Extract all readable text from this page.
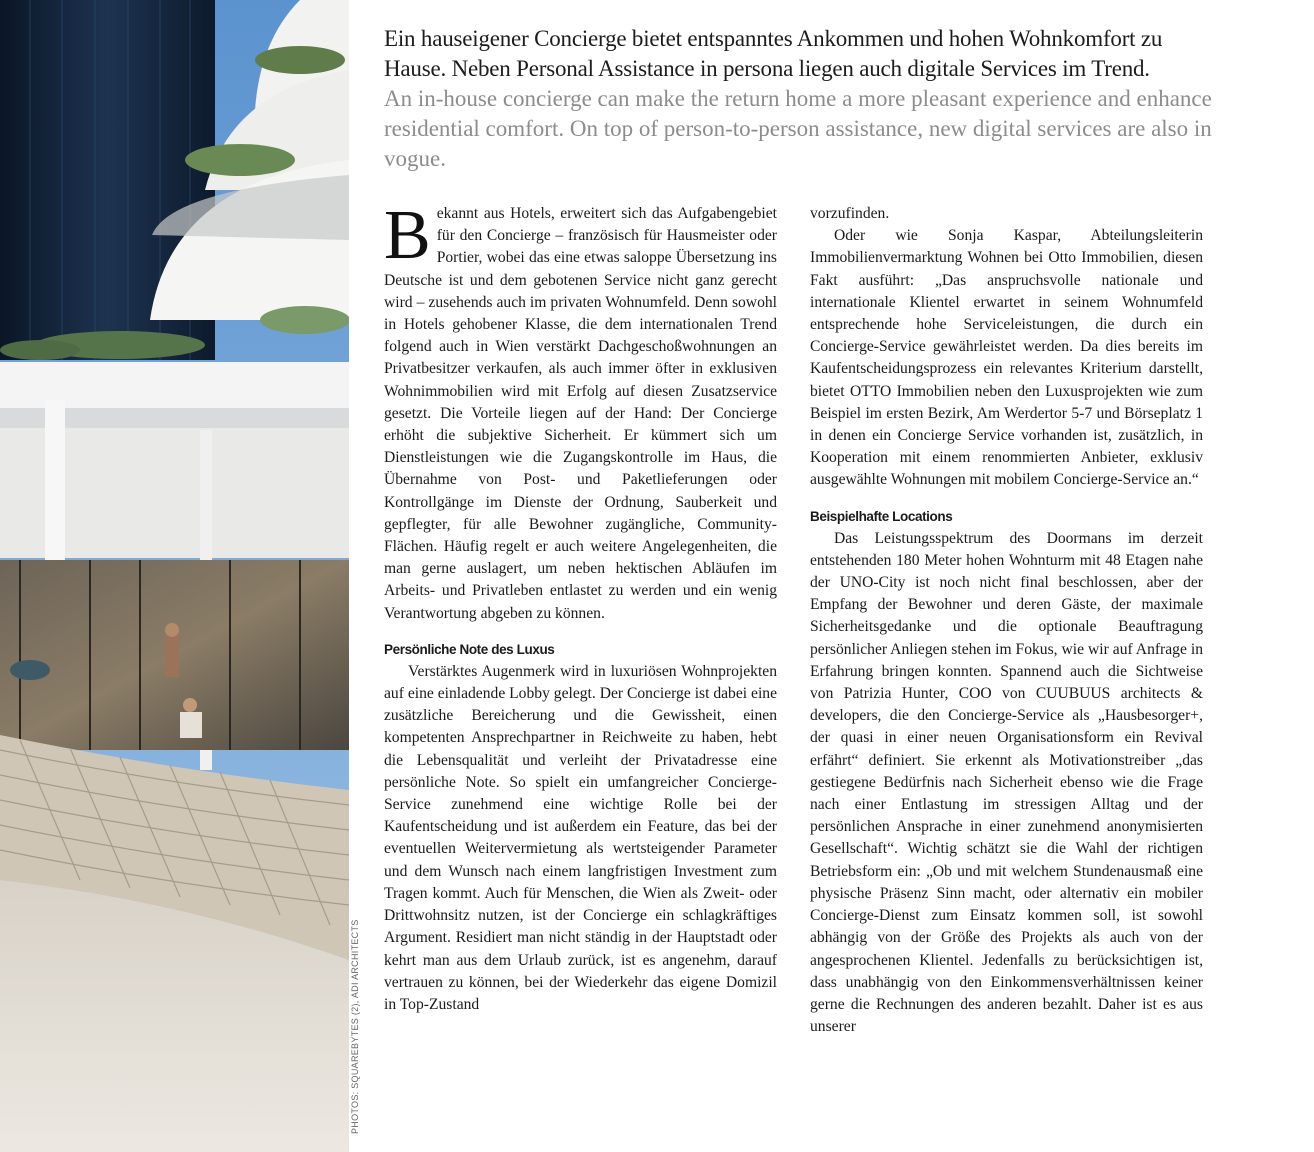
PHOTOS: SQUAREBYTES (2), ADI ARCHITECTS

Ein hauseigener Concierge bietet entspanntes Ankommen und hohen Wohnkomfort zu Hause. Neben Personal Assistance in persona liegen auch digitale Services im Trend.

An in-house concierge can make the return home a more pleasant experience and enhance residential comfort. On top of person-to-person assistance, new digital services are also in vogue.

Bekannt aus Hotels, erweitert sich das Aufgabengebiet für den Concierge – französisch für Hausmeister oder Portier, wobei das eine etwas saloppe Übersetzung ins Deutsche ist und dem gebotenen Service nicht ganz gerecht wird – zusehends auch im privaten Wohnumfeld. Denn sowohl in Hotels gehobener Klasse, die dem internationalen Trend folgend auch in Wien verstärkt Dachgeschoßwohnungen an Privatbesitzer verkaufen, als auch immer öfter in exklusiven Wohnimmobilien wird mit Erfolg auf diesen Zusatzservice gesetzt. Die Vorteile liegen auf der Hand: Der Concierge erhöht die subjektive Sicherheit. Er kümmert sich um Dienstleistungen wie die Zugangskontrolle im Haus, die Übernahme von Post- und Paketlieferungen oder Kontrollgänge im Dienste der Ordnung, Sauberkeit und gepflegter, für alle Bewohner zugängliche, Community-Flächen. Häufig regelt er auch weitere Angelegenheiten, die man gerne auslagert, um neben hektischen Abläufen im Arbeits- und Privatleben entlastet zu werden und ein wenig Verantwortung abgeben zu können.

Persönliche Note des Luxus

Verstärktes Augenmerk wird in luxuriösen Wohnprojekten auf eine einladende Lobby gelegt. Der Concierge ist dabei eine zusätzliche Bereicherung und die Gewissheit, einen kompetenten Ansprechpartner in Reichweite zu haben, hebt die Lebensqualität und verleiht der Privatadresse eine persönliche Note. So spielt ein umfangreicher Concierge-Service zunehmend eine wichtige Rolle bei der Kaufentscheidung und ist außerdem ein Feature, das bei der eventuellen Weitervermietung als wertsteigender Parameter und dem Wunsch nach einem langfristigen Investment zum Tragen kommt. Auch für Menschen, die Wien als Zweit- oder Drittwohnsitz nutzen, ist der Concierge ein schlagkräftiges Argument. Residiert man nicht ständig in der Hauptstadt oder kehrt man aus dem Urlaub zurück, ist es angenehm, darauf vertrauen zu können, bei der Wiederkehr das eigene Domizil in Top-Zustand

vorzufinden.

Oder wie Sonja Kaspar, Abteilungsleiterin Immobilienvermarktung Wohnen bei Otto Immobilien, diesen Fakt ausführt: „Das anspruchsvolle nationale und internationale Klientel erwartet in seinem Wohnumfeld entsprechende hohe Serviceleistungen, die durch ein Concierge-Service gewährleistet werden. Da dies bereits im Kaufentscheidungsprozess ein relevantes Kriterium darstellt, bietet OTTO Immobilien neben den Luxusprojekten wie zum Beispiel im ersten Bezirk, Am Werdertor 5-7 und Börseplatz 1 in denen ein Concierge Service vorhanden ist, zusätzlich, in Kooperation mit einem renommierten Anbieter, exklusiv ausgewählte Wohnungen mit mobilem Concierge-Service an.“

Beispielhafte Locations

Das Leistungsspektrum des Doormans im derzeit entstehenden 180 Meter hohen Wohnturm mit 48 Etagen nahe der UNO-City ist noch nicht final beschlossen, aber der Empfang der Bewohner und deren Gäste, der maximale Sicherheitsgedanke und die optionale Beauftragung persönlicher Anliegen stehen im Fokus, wie wir auf Anfrage in Erfahrung bringen konnten. Spannend auch die Sichtweise von Patrizia Hunter, COO von CUUBUUS architects & developers, die den Concierge-Service als „Hausbesorger+, der quasi in einer neuen Organisationsform ein Revival erfährt“ definiert. Sie erkennt als Motivationstreiber „das gestiegene Bedürfnis nach Sicherheit ebenso wie die Frage nach einer Entlastung im stressigen Alltag und der persönlichen Ansprache in einer zunehmend anonymisierten Gesellschaft“. Wichtig schätzt sie die Wahl der richtigen Betriebsform ein: „Ob und mit welchem Stundenausmaß eine physische Präsenz Sinn macht, oder alternativ ein mobiler Concierge-Dienst zum Einsatz kommen soll, ist sowohl abhängig von der Größe des Projekts als auch von der angesprochenen Klientel. Jedenfalls zu berücksichtigen ist, dass unabhängig von den Einkommensverhältnissen keiner gerne die Rechnungen des anderen bezahlt. Daher ist es aus unserer
